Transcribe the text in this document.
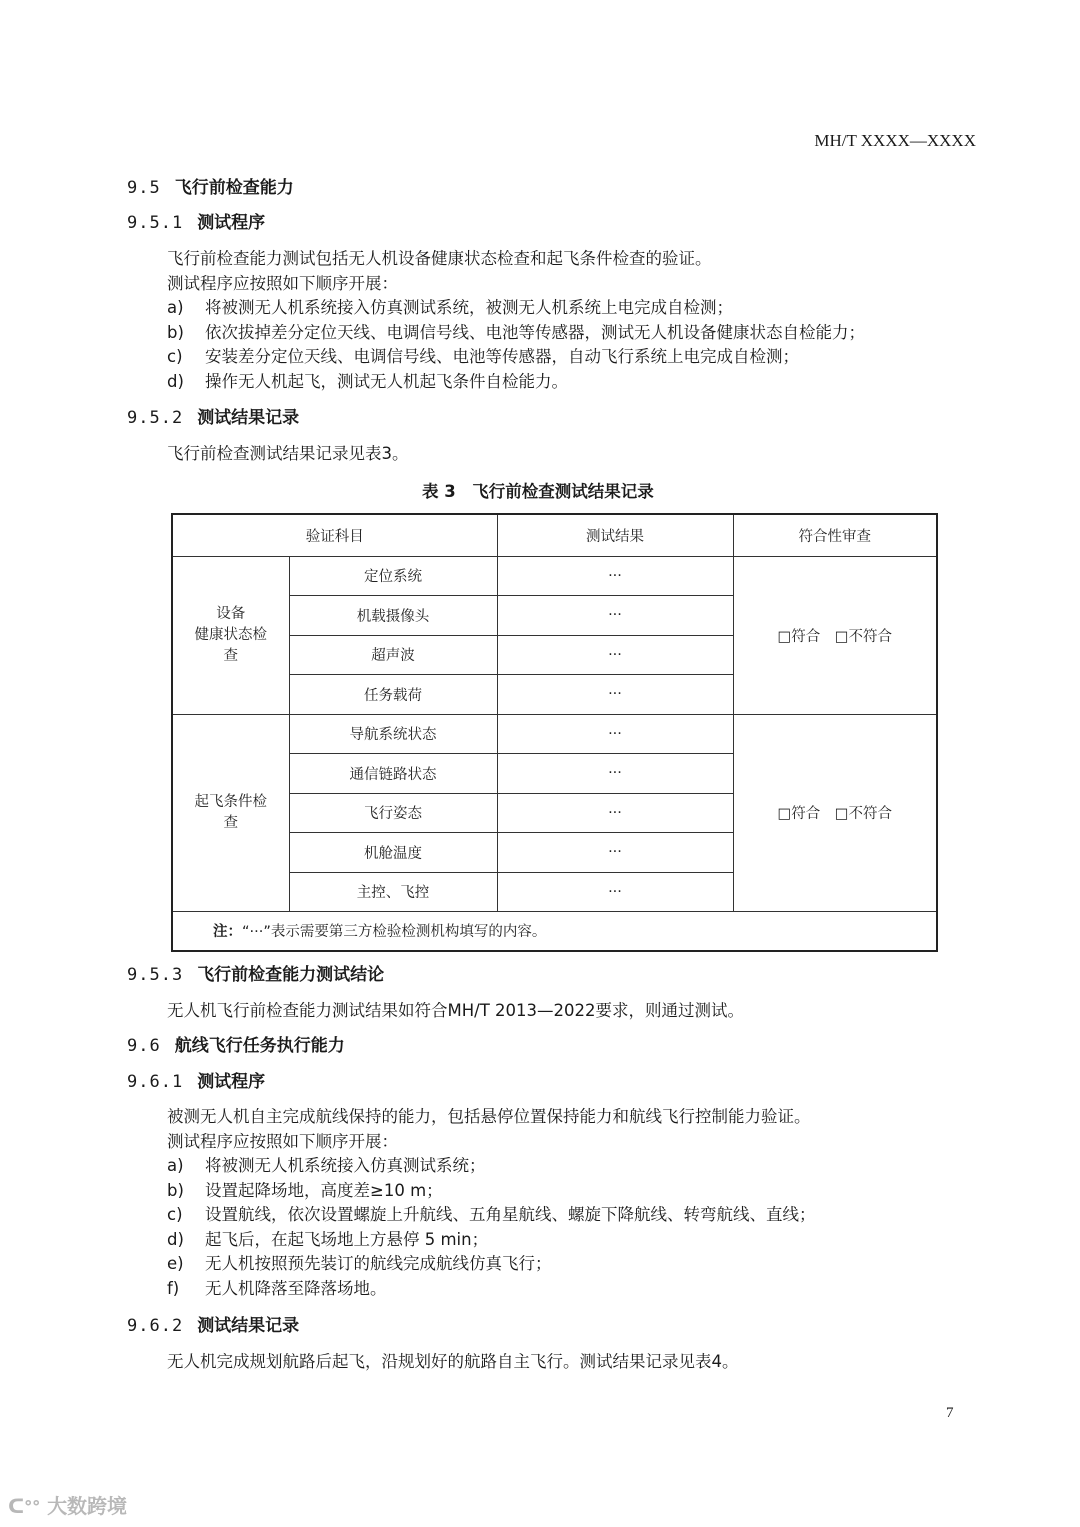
MH/T XXXX—XXXX
9.5 飞行前检查能力
9.5.1 测试程序
飞行前检查能力测试包括无人机设备健康状态检查和起飞条件检查的验证。
测试程序应按照如下顺序开展：
a) 将被测无人机系统接入仿真测试系统，被测无人机系统上电完成自检测；
b) 依次拔掉差分定位天线、电调信号线、电池等传感器，测试无人机设备健康状态自检能力；
c) 安装差分定位天线、电调信号线、电池等传感器，自动飞行系统上电完成自检测；
d) 操作无人机起飞，测试无人机起飞条件自检能力。
9.5.2 测试结果记录
飞行前检查测试结果记录见表3。
表 3　飞行前检查测试结果记录
验证科目		测试结果	符合性审查
设备
健康状态检
查	定位系统	···	□符合　□不符合
	机载摄像头	···	
	超声波	···	
	任务载荷	···	
起飞条件检
查	导航系统状态	···	□符合　□不符合
	通信链路状态	···	
	飞行姿态	···	
	机舱温度	···	
	主控、飞控	···	
注：“···”表示需要第三方检验检测机构填写的内容。			
9.5.3 飞行前检查能力测试结论
无人机飞行前检查能力测试结果如符合MH/T 2013—2022要求，则通过测试。
9.6 航线飞行任务执行能力
9.6.1 测试程序
被测无人机自主完成航线保持的能力，包括悬停位置保持能力和航线飞行控制能力验证。
测试程序应按照如下顺序开展：
a) 将被测无人机系统接入仿真测试系统；
b) 设置起降场地，高度差≥10 m；
c) 设置航线，依次设置螺旋上升航线、五角星航线、螺旋下降航线、转弯航线、直线；
d) 起飞后，在起飞场地上方悬停 5 min；
e) 无人机按照预先装订的航线完成航线仿真飞行；
f) 无人机降落至降落场地。
9.6.2 测试结果记录
无人机完成规划航路后起飞，沿规划好的航路自主飞行。测试结果记录见表4。
7
ᑕᐤᐤ 大数跨境
